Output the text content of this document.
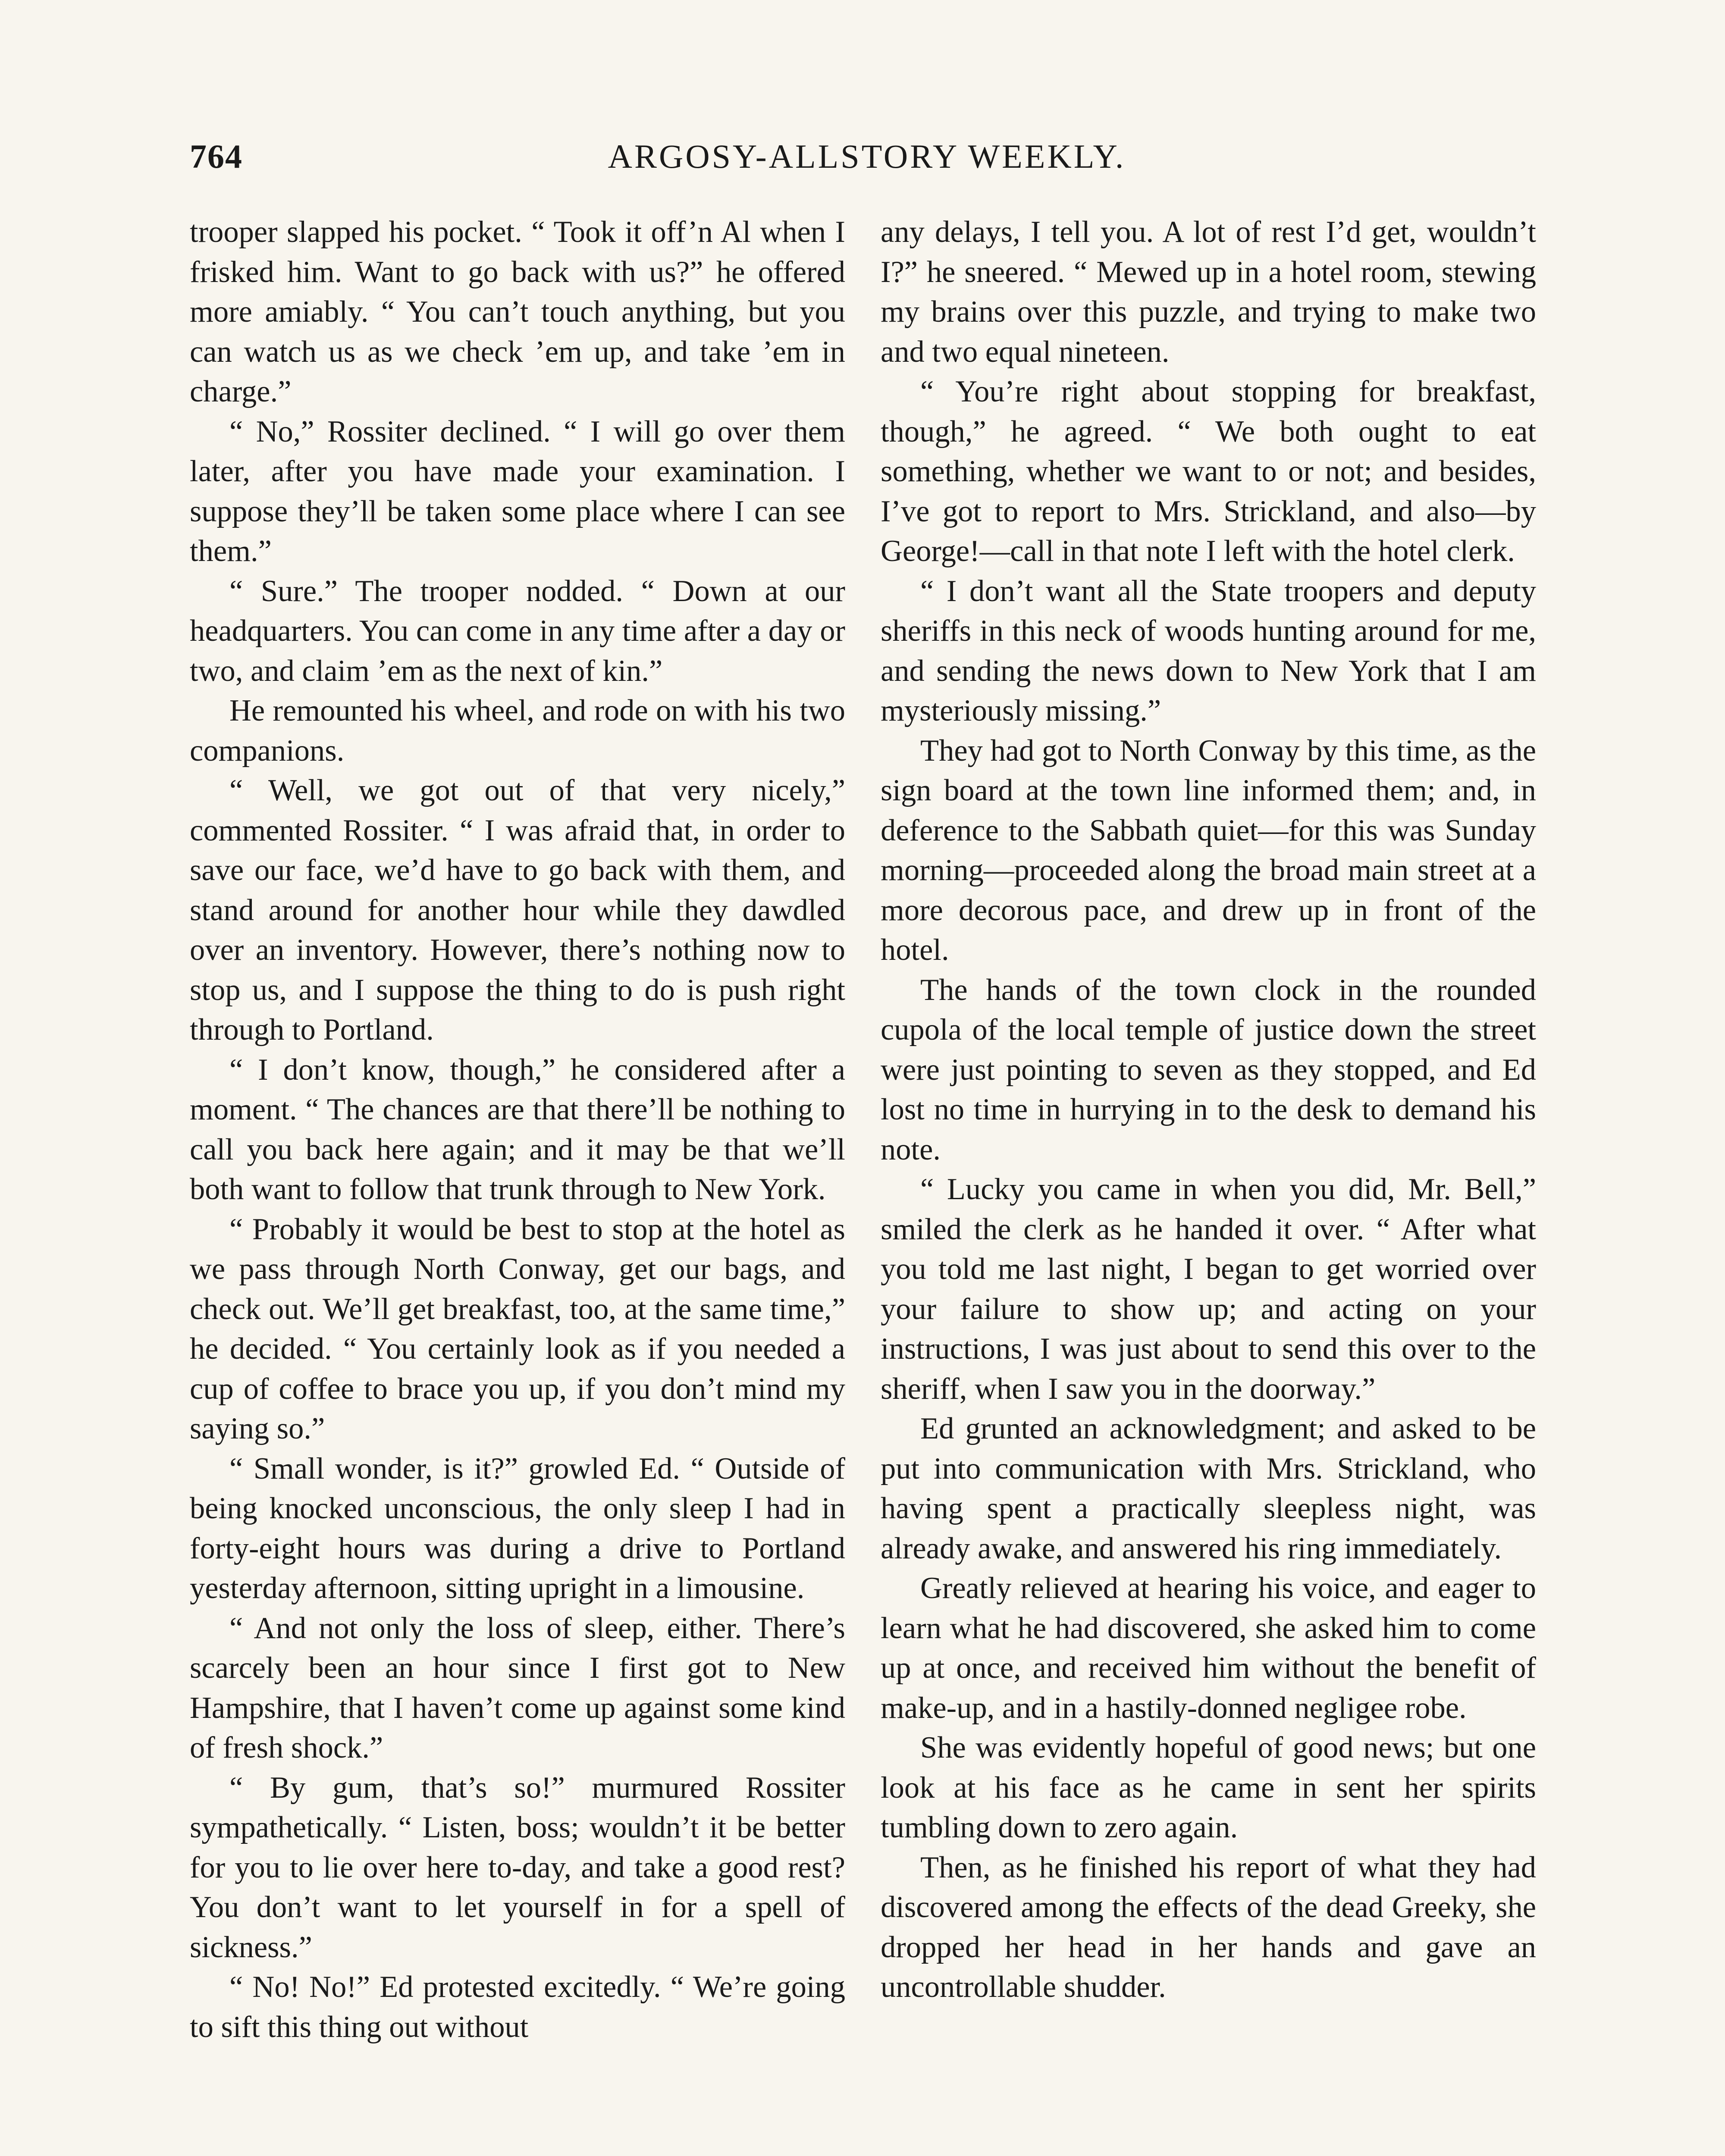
764	ARGOSY-ALLSTORY WEEKLY.

trooper slapped his pocket. “ Took it off’n Al when I frisked him. Want to go back with us?” he offered more amiably. “ You can’t touch anything, but you can watch us as we check ’em up, and take ’em in charge.”

“ No,” Rossiter declined. “ I will go over them later, after you have made your examination. I suppose they’ll be taken some place where I can see them.”

“ Sure.” The trooper nodded. “ Down at our headquarters. You can come in any time after a day or two, and claim ’em as the next of kin.”

He remounted his wheel, and rode on with his two companions.

“ Well, we got out of that very nicely,” commented Rossiter. “ I was afraid that, in order to save our face, we’d have to go back with them, and stand around for another hour while they dawdled over an inventory. However, there’s nothing now to stop us, and I suppose the thing to do is push right through to Portland.

“ I don’t know, though,” he considered after a moment. “ The chances are that there’ll be nothing to call you back here again; and it may be that we’ll both want to follow that trunk through to New York.

“ Probably it would be best to stop at the hotel as we pass through North Conway, get our bags, and check out. We’ll get breakfast, too, at the same time,” he decided. “ You certainly look as if you needed a cup of coffee to brace you up, if you don’t mind my saying so.”

“ Small wonder, is it?” growled Ed. “ Outside of being knocked unconscious, the only sleep I had in forty-eight hours was during a drive to Portland yesterday afternoon, sitting upright in a limousine.

“ And not only the loss of sleep, either. There’s scarcely been an hour since I first got to New Hampshire, that I haven’t come up against some kind of fresh shock.”

“ By gum, that’s so!” murmured Rossiter sympathetically. “ Listen, boss; wouldn’t it be better for you to lie over here to-day, and take a good rest? You don’t want to let yourself in for a spell of sickness.”

“ No! No!” Ed protested excitedly. “ We’re going to sift this thing out without

any delays, I tell you. A lot of rest I’d get, wouldn’t I?” he sneered. “ Mewed up in a hotel room, stewing my brains over this puzzle, and trying to make two and two equal nineteen.

“ You’re right about stopping for breakfast, though,” he agreed. “ We both ought to eat something, whether we want to or not; and besides, I’ve got to report to Mrs. Strickland, and also—by George!—call in that note I left with the hotel clerk.

“ I don’t want all the State troopers and deputy sheriffs in this neck of woods hunting around for me, and sending the news down to New York that I am mysteriously missing.”

They had got to North Conway by this time, as the sign board at the town line informed them; and, in deference to the Sabbath quiet—for this was Sunday morning—proceeded along the broad main street at a more decorous pace, and drew up in front of the hotel.

The hands of the town clock in the rounded cupola of the local temple of justice down the street were just pointing to seven as they stopped, and Ed lost no time in hurrying in to the desk to demand his note.

“ Lucky you came in when you did, Mr. Bell,” smiled the clerk as he handed it over. “ After what you told me last night, I began to get worried over your failure to show up; and acting on your instructions, I was just about to send this over to the sheriff, when I saw you in the doorway.”

Ed grunted an acknowledgment; and asked to be put into communication with Mrs. Strickland, who having spent a practically sleepless night, was already awake, and answered his ring immediately.

Greatly relieved at hearing his voice, and eager to learn what he had discovered, she asked him to come up at once, and received him without the benefit of make-up, and in a hastily-donned negligee robe.

She was evidently hopeful of good news; but one look at his face as he came in sent her spirits tumbling down to zero again.

Then, as he finished his report of what they had discovered among the effects of the dead Greeky, she dropped her head in her hands and gave an uncontrollable shudder.
